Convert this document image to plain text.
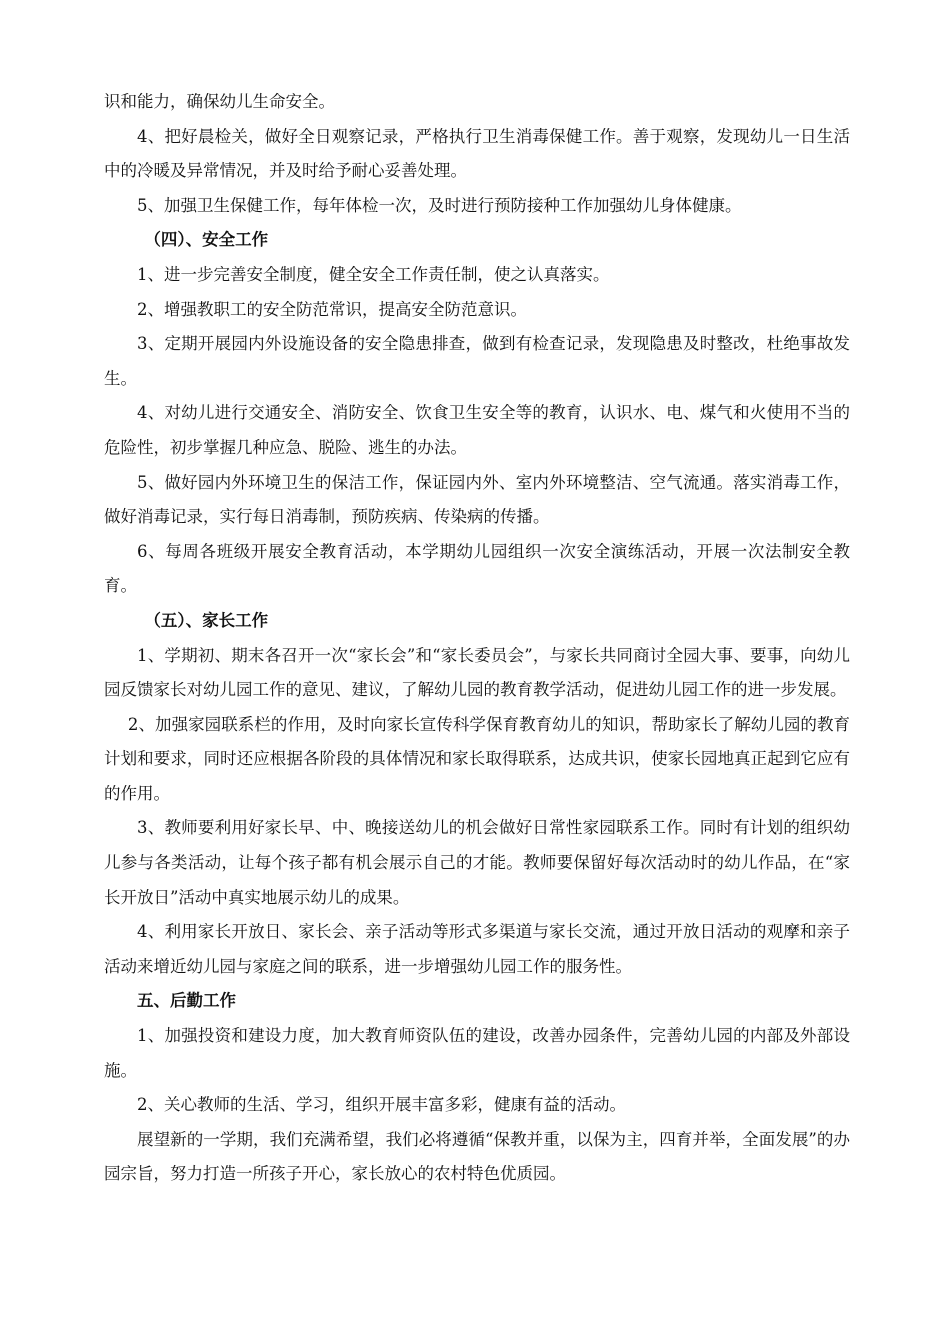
识和能力，确保幼儿生命安全。

4、把好晨检关，做好全日观察记录，严格执行卫生消毒保健工作。善于观察，发现幼儿一日生活中的冷暖及异常情况，并及时给予耐心妥善处理。

5、加强卫生保健工作，每年体检一次，及时进行预防接种工作加强幼儿身体健康。

（四）、安全工作

1、进一步完善安全制度，健全安全工作责任制，使之认真落实。

2、增强教职工的安全防范常识，提高安全防范意识。

3、定期开展园内外设施设备的安全隐患排查，做到有检查记录，发现隐患及时整改，杜绝事故发生。

4、对幼儿进行交通安全、消防安全、饮食卫生安全等的教育，认识水、电、煤气和火使用不当的危险性，初步掌握几种应急、脱险、逃生的办法。

5、做好园内外环境卫生的保洁工作，保证园内外、室内外环境整洁、空气流通。落实消毒工作，做好消毒记录，实行每日消毒制，预防疾病、传染病的传播。

6、每周各班级开展安全教育活动，本学期幼儿园组织一次安全演练活动，开展一次法制安全教育。

（五）、家长工作

1、学期初、期末各召开一次“家长会”和“家长委员会”，与家长共同商讨全园大事、要事，向幼儿园反馈家长对幼儿园工作的意见、建议，了解幼儿园的教育教学活动，促进幼儿园工作的进一步发展。

2、加强家园联系栏的作用，及时向家长宣传科学保育教育幼儿的知识，帮助家长了解幼儿园的教育计划和要求，同时还应根据各阶段的具体情况和家长取得联系，达成共识，使家长园地真正起到它应有的作用。

3、教师要利用好家长早、中、晚接送幼儿的机会做好日常性家园联系工作。同时有计划的组织幼儿参与各类活动，让每个孩子都有机会展示自己的才能。教师要保留好每次活动时的幼儿作品，在“家长开放日”活动中真实地展示幼儿的成果。

4、利用家长开放日、家长会、亲子活动等形式多渠道与家长交流，通过开放日活动的观摩和亲子活动来增近幼儿园与家庭之间的联系，进一步增强幼儿园工作的服务性。

五、后勤工作

1、加强投资和建设力度，加大教育师资队伍的建设，改善办园条件，完善幼儿园的内部及外部设施。

2、关心教师的生活、学习，组织开展丰富多彩，健康有益的活动。

展望新的一学期，我们充满希望，我们必将遵循“保教并重，以保为主，四育并举，全面发展”的办园宗旨，努力打造一所孩子开心，家长放心的农村特色优质园。
